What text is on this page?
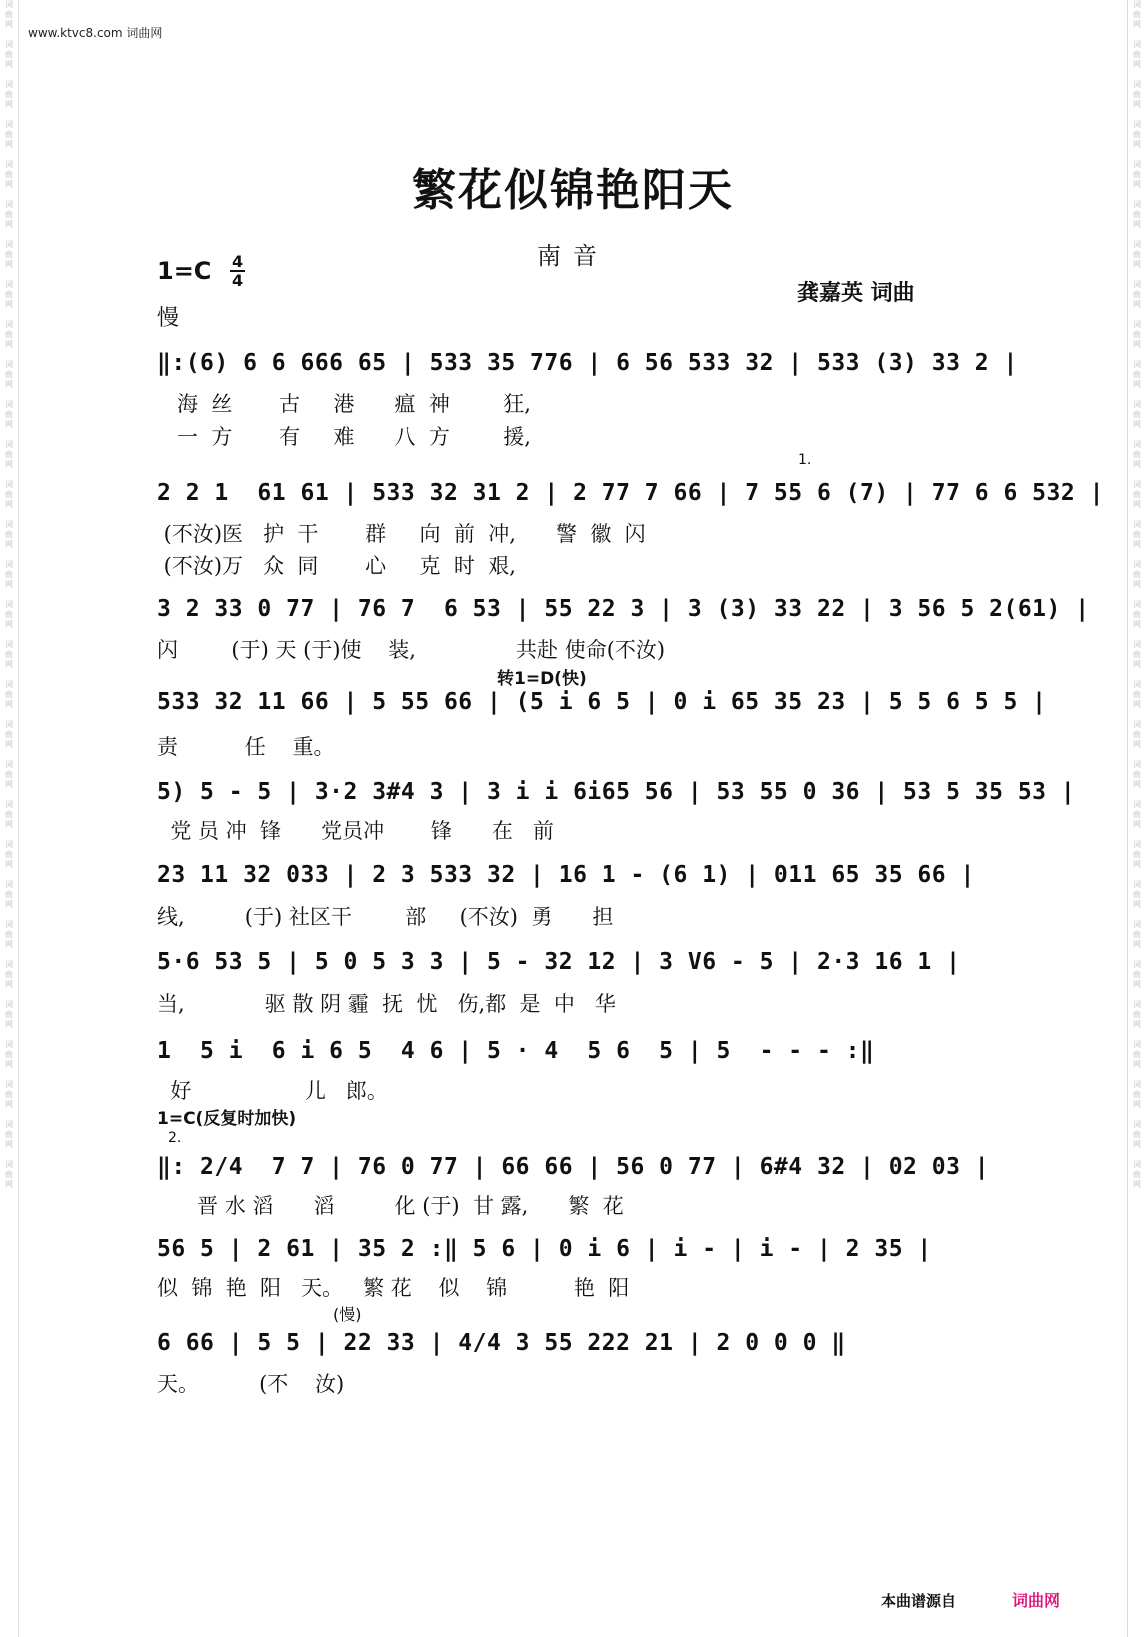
词
曲
网

词
曲
网

词
曲
网

词
曲
网

词
曲
网

词
曲
网

词
曲
网

词
曲
网

词
曲
网

词
曲
网

词
曲
网

词
曲
网

词
曲
网

词
曲
网

词
曲
网

词
曲
网

词
曲
网

词
曲
网

词
曲
网

词
曲
网

词
曲
网

词
曲
网

词
曲
网

词
曲
网

词
曲
网

词
曲
网

词
曲
网

词
曲
网

词
曲
网

词
曲
网

词
曲
网

词
曲
网

词
曲
网

词
曲
网

词
曲
网

词
曲
网

词
曲
网

词
曲
网

词
曲
网

词
曲
网

词
曲
网

词
曲
网

词
曲
网

词
曲
网

词
曲
网

词
曲
网

词
曲
网

词
曲
网

词
曲
网

词
曲
网

词
曲
网

词
曲
网

词
曲
网

词
曲
网

词
曲
网

词
曲
网

词
曲
网

词
曲
网

词
曲
网

词
曲
网

www.ktvc8.com 词曲网
繁花似锦艳阳天
南音
1=C 4
4
龚嘉英 词曲
慢
‖:(6) 6 6 666 65 | 533 35 776 | 6 56 533 32 | 533 (3) 33 2 |
海  丝       古     港      瘟  神        狂,
一  方       有     难      八  方        援,
1.
2 2 1  61 61 | 533 32 31 2 | 2 77 7 66 | 7 55 6 (7) | 77 6 6 532 |
(不汝)医   护  干       群     向  前  冲,      警  徽  闪
(不汝)万   众  同       心     克  时  艰,
3 2 33 0 77 | 76 7  6 53 | 55 22 3 | 3 (3) 33 22 | 3 56 5 2(61) |
闪        (于) 天 (于)使    装,               共赴 使命(不汝)
转1=D(快)
533 32 11 66 | 5 55 66 | (5 i 6 5 | 0 i 65 35 23 | 5 5 6 5 5 |
责          任    重。
5) 5 - 5 | 3·2 3#4 3 | 3 i i 6i65 56 | 53 55 0 36 | 53 5 35 53 |
党 员 冲  锋      党员冲       锋      在   前
23 11 32 033 | 2 3 533 32 | 16 1 - (6 1) | 011 65 35 66 |
线,         (于) 社区干        部     (不汝)  勇      担
5·6 53 5 | 5 0 5 3 3 | 5 - 32 12 | 3 V6 - 5 | 2·3 16 1 |
当,            驱 散 阴 霾  抚  忧   伤,都  是  中   华
1  5 i  6 i 6 5  4 6 | 5 · 4  5 6  5 | 5  - - - :‖
好                 儿   郎。
1=C(反复时加快)
2.
‖: 2/4  7 7 | 76 0 77 | 66 66 | 56 0 77 | 6#4 32 | 02 03 |
晋 水 滔      滔         化 (于)  甘 露,      繁  花
56 5 | 2 61 | 35 2 :‖ 5 6 | 0 i 6 | i - | i - | 2 35 |
似  锦  艳  阳   天。   繁 花    似    锦          艳  阳
(慢)
6 66 | 5 5 | 22 33 | 4/4 3 55 222 21 | 2 0 0 0 ‖
天。         (不    汝)
本曲谱源自	词曲网
